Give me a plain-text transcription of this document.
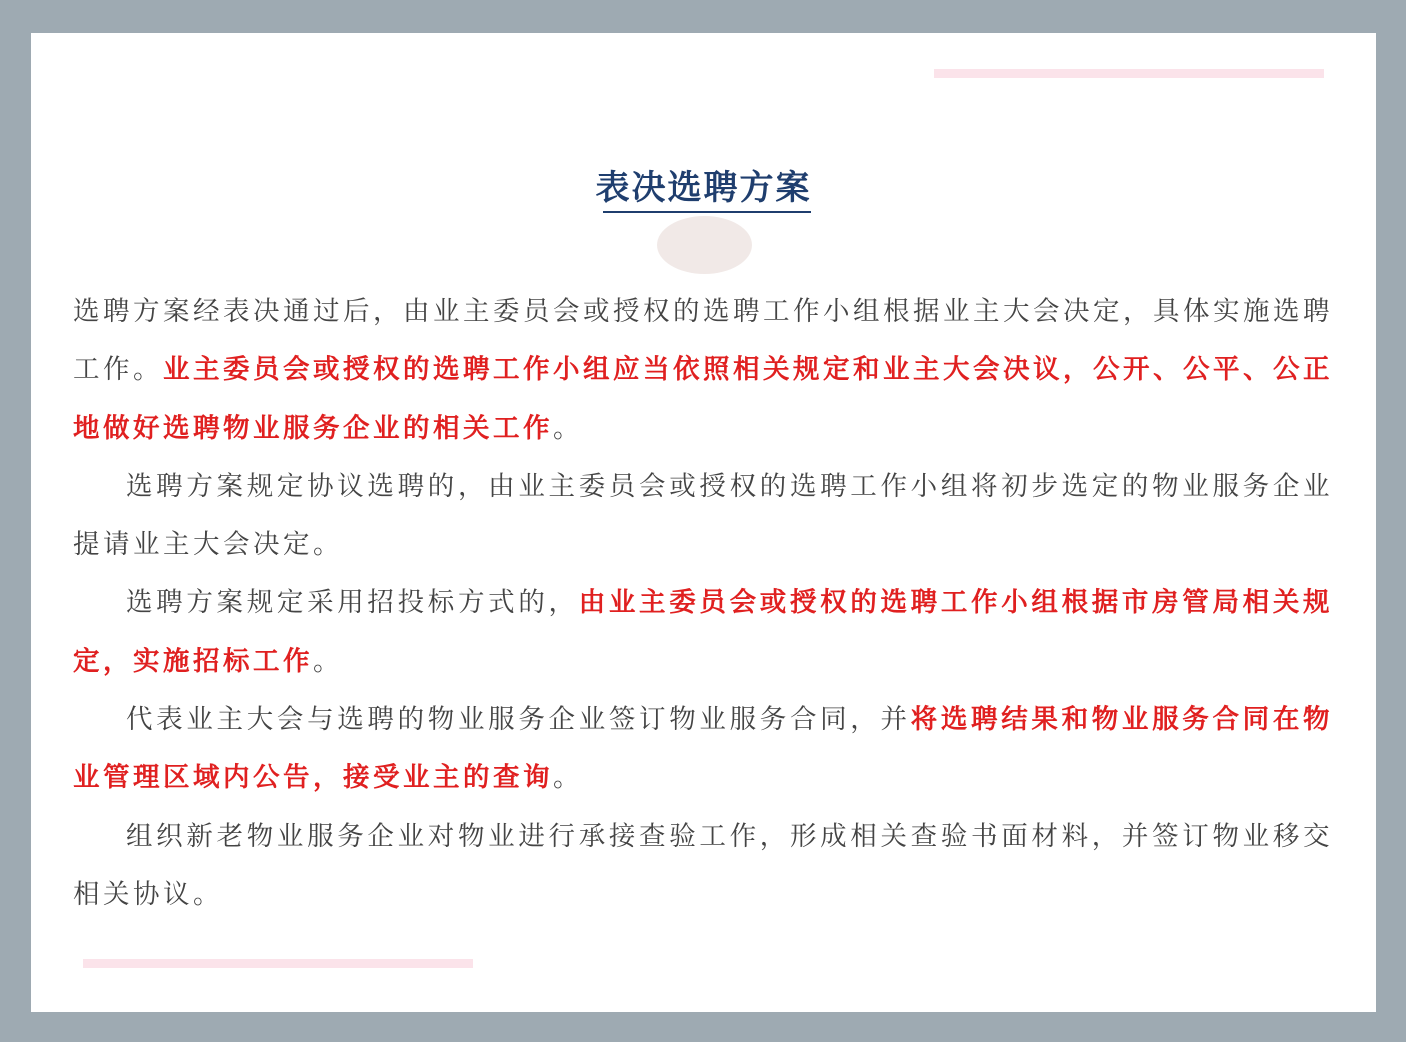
表决选聘方案

选聘方案经表决通过后，由业主委员会或授权的选聘工作小组根据业主大会决定，具体实施选聘工作。业主委员会或授权的选聘工作小组应当依照相关规定和业主大会决议，公开、公平、公正地做好选聘物业服务企业的相关工作。

选聘方案规定协议选聘的，由业主委员会或授权的选聘工作小组将初步选定的物业服务企业提请业主大会决定。

选聘方案规定采用招投标方式的，由业主委员会或授权的选聘工作小组根据市房管局相关规定，实施招标工作。

代表业主大会与选聘的物业服务企业签订物业服务合同，并将选聘结果和物业服务合同在物业管理区域内公告，接受业主的查询。

组织新老物业服务企业对物业进行承接查验工作，形成相关查验书面材料，并签订物业移交相关协议。
